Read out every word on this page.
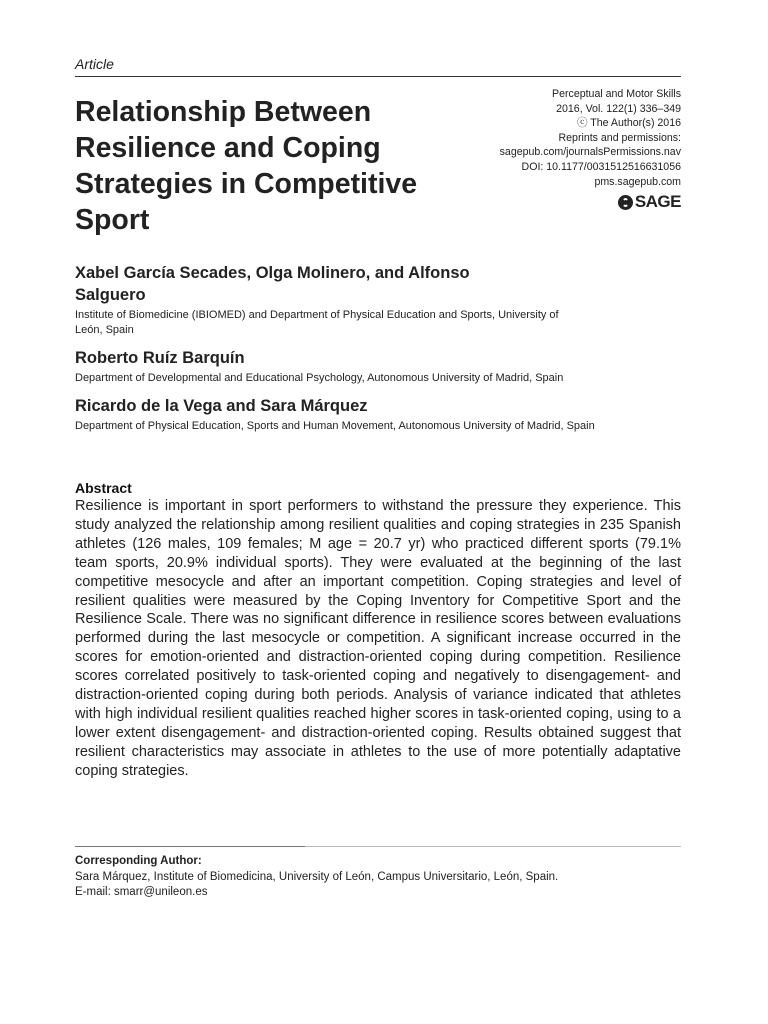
Article
Relationship Between Resilience and Coping Strategies in Competitive Sport
Perceptual and Motor Skills
2016, Vol. 122(1) 336–349
ⓒ The Author(s) 2016
Reprints and permissions:
sagepub.com/journalsPermissions.nav
DOI: 10.1177/0031512516631056
pms.sagepub.com
SAGE

Xabel García Secades, Olga Molinero, and Alfonso Salguero

Institute of Biomedicine (IBIOMED) and Department of Physical Education and Sports, University of León, Spain

Roberto Ruíz Barquín

Department of Developmental and Educational Psychology, Autonomous University of Madrid, Spain

Ricardo de la Vega and Sara Márquez

Department of Physical Education, Sports and Human Movement, Autonomous University of Madrid, Spain

Abstract

Resilience is important in sport performers to withstand the pressure they experience. This study analyzed the relationship among resilient qualities and coping strategies in 235 Spanish athletes (126 males, 109 females; M age = 20.7 yr) who practiced different sports (79.1% team sports, 20.9% individual sports). They were evaluated at the beginning of the last competitive mesocycle and after an important competition. Coping strategies and level of resilient qualities were measured by the Coping Inventory for Competitive Sport and the Resilience Scale. There was no significant difference in resilience scores between evaluations performed during the last mesocycle or competition. A significant increase occurred in the scores for emotion-oriented and distraction-oriented coping during competition. Resilience scores correlated positively to task-oriented coping and negatively to disengagement- and distraction-oriented coping during both periods. Analysis of variance indicated that athletes with high individual resilient qualities reached higher scores in task-oriented coping, using to a lower extent disengagement- and distraction-oriented coping. Results obtained suggest that resilient characteristics may associate in athletes to the use of more potentially adaptative coping strategies.

Corresponding Author:
Sara Márquez, Institute of Biomedicina, University of León, Campus Universitario, León, Spain.
E-mail: smarr@unileon.es
